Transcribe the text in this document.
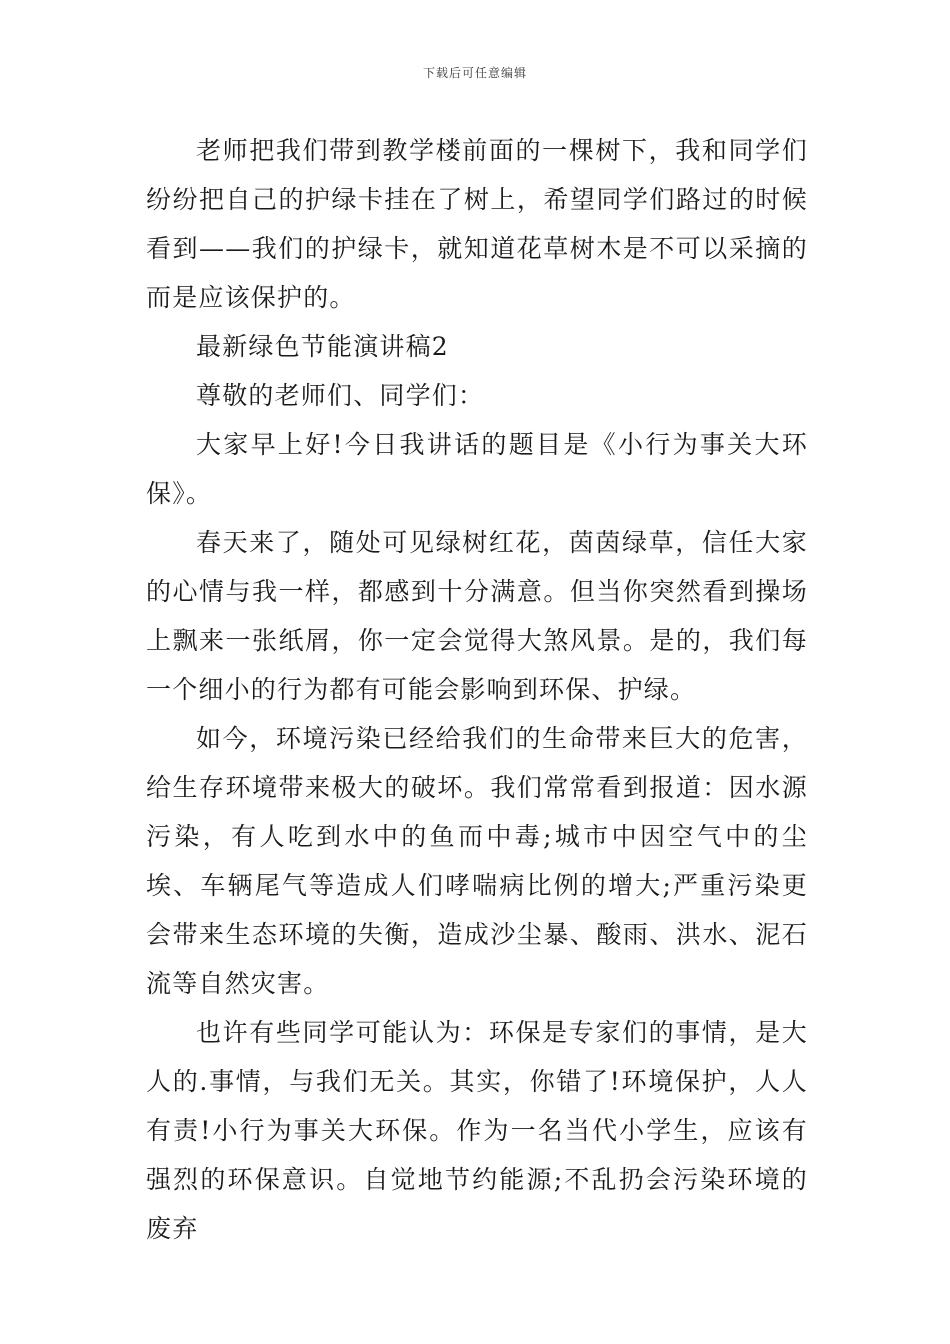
下载后可任意编辑

老师把我们带到教学楼前面的一棵树下，我和同学们纷纷把自己的护绿卡挂在了树上，希望同学们路过的时候看到——我们的护绿卡，就知道花草树木是不可以采摘的而是应该保护的。

最新绿色节能演讲稿2

尊敬的老师们、同学们：

大家早上好!今日我讲话的题目是《小行为事关大环保》。

春天来了，随处可见绿树红花，茵茵绿草，信任大家的心情与我一样，都感到十分满意。但当你突然看到操场上飘来一张纸屑，你一定会觉得大煞风景。是的，我们每一个细小的行为都有可能会影响到环保、护绿。

如今，环境污染已经给我们的生命带来巨大的危害，给生存环境带来极大的破坏。我们常常看到报道：因水源污染，有人吃到水中的鱼而中毒;城市中因空气中的尘埃、车辆尾气等造成人们哮喘病比例的增大;严重污染更会带来生态环境的失衡，造成沙尘暴、酸雨、洪水、泥石流等自然灾害。

也许有些同学可能认为：环保是专家们的事情，是大人的.事情，与我们无关。其实，你错了!环境保护，人人有责!小行为事关大环保。作为一名当代小学生，应该有强烈的环保意识。自觉地节约能源;不乱扔会污染环境的废弃
